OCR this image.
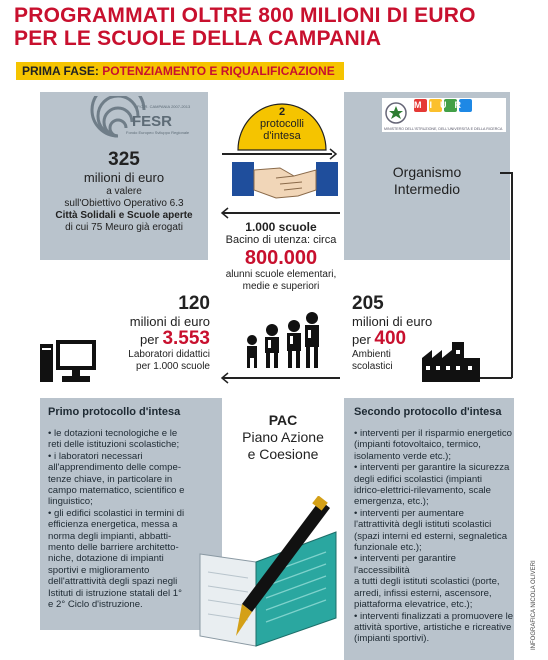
PROGRAMMATI OLTRE 800 MILIONI DI EURO
PER LE SCUOLE DELLA CAMPANIA
PRIMA FASE: POTENZIAMENTO E RIQUALIFICAZIONE
FESR
P.O.R. CAMPANIA 2007-2013
Fondo Europeo Sviluppo Regionale
325
milioni di euro
a valere
sull'Obiettivo Operativo 6.3
Città Solidali e Scuole aperte
di cui 75 Meuro già erogati
MIUR
MINISTERO DELL'ISTRUZIONE, DELL'UNIVERSITÀ E DELLA RICERCA
Organismo
Intermedio
2
protocolli
d'intesa
1.000 scuole
Bacino di utenza: circa
800.000
alunni scuole elementari,
medie e superiori
120
milioni di euro
per 3.553
Laboratori didattici
per 1.000 scuole
205
milioni di euro
per 400
Ambienti
scolastici
Primo protocollo d'intesa
• le dotazioni tecnologiche e le
reti delle istituzioni scolastiche;
• i laboratori necessari
all'apprendimento delle compe-
tenze chiave, in particolare in
campo matematico, scientifico e
linguistico;
• gli edifici scolastici in termini di
efficienza energetica, messa a
norma degli impianti, abbatti-
mento delle barriere architetto-
niche, dotazione di impianti
sportivi e miglioramento
dell'attrattività degli spazi negli
Istituti di istruzione statali del 1°
e 2° Ciclo d'istruzione.
PAC
Piano Azione
e Coesione
Secondo protocollo d'intesa
• interventi per il risparmio energetico
(impianti fotovoltaico, termico,
isolamento verde etc.);
• interventi per garantire la sicurezza
degli edifici scolastici (impianti
idrico-elettrici-rilevamento, scale
emergenza, etc.);
• interventi per aumentare
l'attrattività degli istituti scolastici
(spazi interni ed esterni, segnaletica
funzionale etc.);
• interventi per garantire l'accessibilità
a tutti degli istituti scolastici (porte,
arredi, infissi esterni, ascensore,
piattaforma elevatrice, etc.);
• interventi finalizzati a promuovere le
attività sportive, artistiche e ricreative
(impianti sportivi).	INFOGRAFICA NICOLA OLIVERI
